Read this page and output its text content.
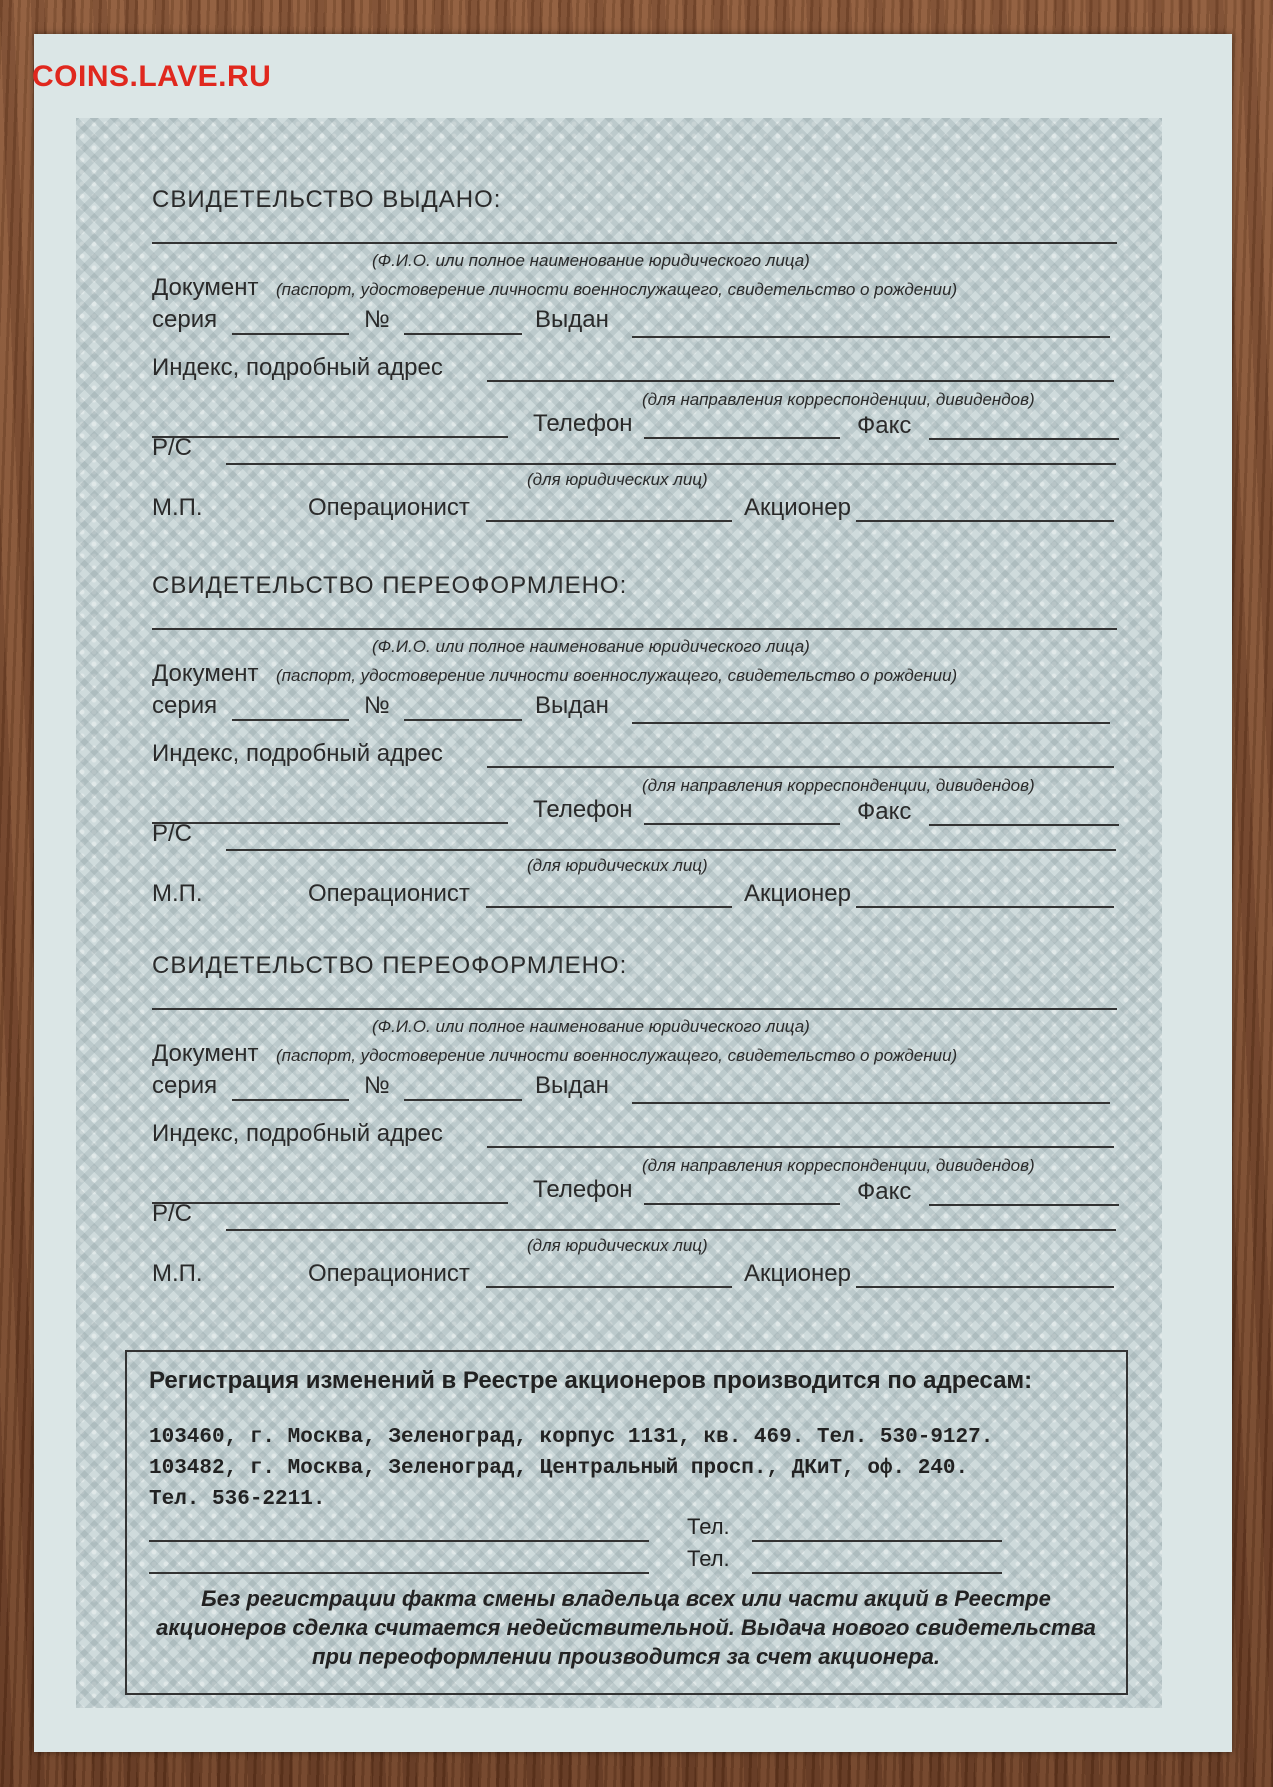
COINS.LAVE.RU
СВИДЕТЕЛЬСТВО ВЫДАНО:
(Ф.И.О. или полное наименование юридического лица)
Документ (паспорт, удостоверение личности военнослужащего, свидетельство о рождении)
серия	№	Выдан
Индекс, подробный адрес
(для направления корреспонденции, дивидендов)
Телефон	Факс
Р/С
(для юридических лиц)
М.П.	Операционист	Акционер
СВИДЕТЕЛЬСТВО ПЕРЕОФОРМЛЕНО:
(Ф.И.О. или полное наименование юридического лица)
Документ (паспорт, удостоверение личности военнослужащего, свидетельство о рождении)
серия	№	Выдан
Индекс, подробный адрес
(для направления корреспонденции, дивидендов)
Телефон	Факс
Р/С
(для юридических лиц)
М.П.	Операционист	Акционер
СВИДЕТЕЛЬСТВО ПЕРЕОФОРМЛЕНО:
(Ф.И.О. или полное наименование юридического лица)
Документ (паспорт, удостоверение личности военнослужащего, свидетельство о рождении)
серия	№	Выдан
Индекс, подробный адрес
(для направления корреспонденции, дивидендов)
Телефон	Факс
Р/С
(для юридических лиц)
М.П.	Операционист	Акционер
Регистрация изменений в Реестре акционеров производится по адресам:
103460, г. Москва, Зеленоград, корпус 1131, кв. 469. Тел. 530-9127.
103482, г. Москва, Зеленоград, Центральный просп., ДКиТ, оф. 240.
Тел. 536-2211.
Тел.
Тел.
Без регистрации факта смены владельца всех или части акций в Реестре акционеров сделка считается недействительной. Выдача нового свидетельства при переоформлении производится за счет акционера.
